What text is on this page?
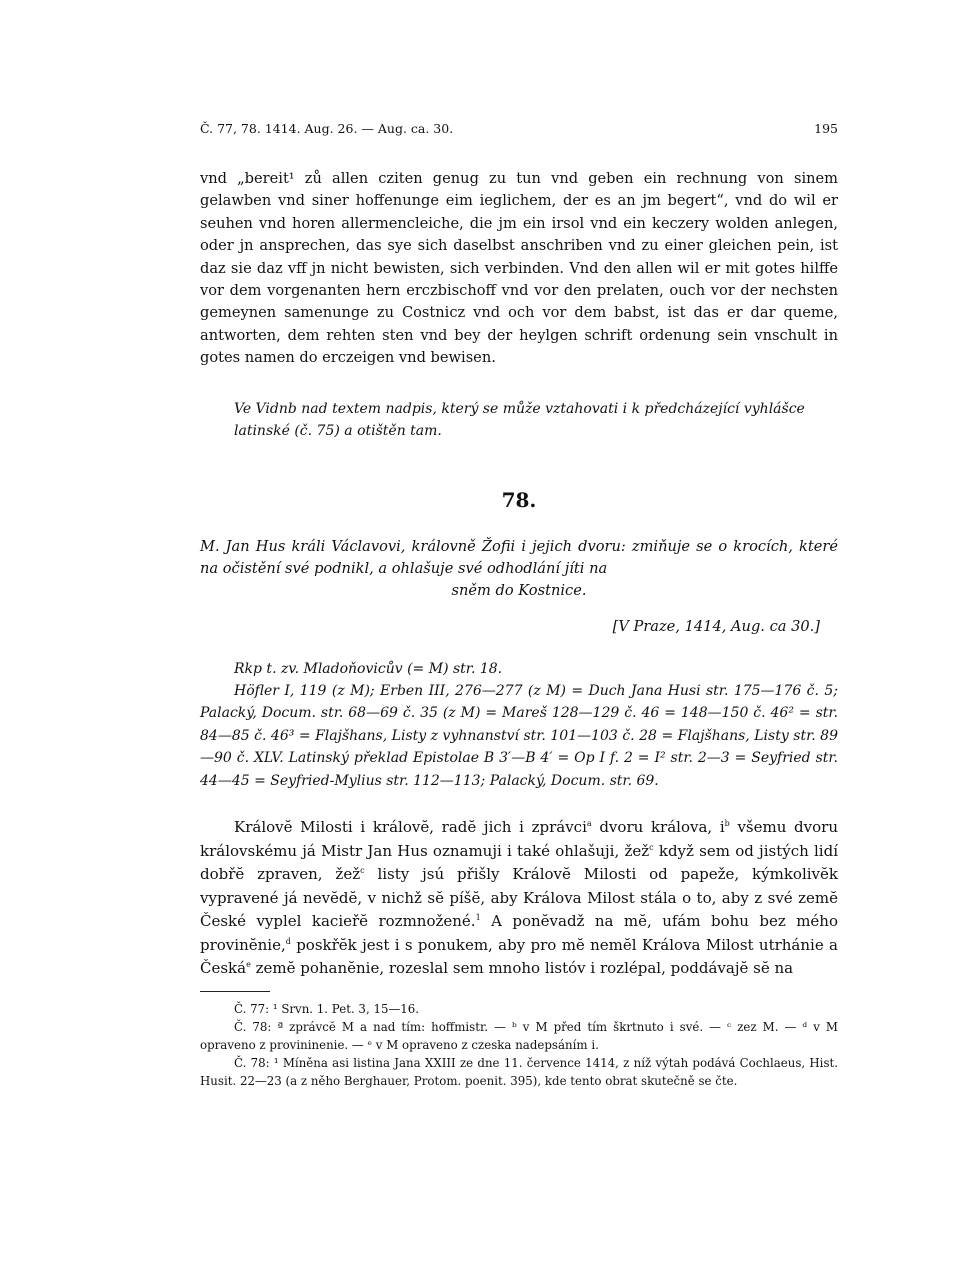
Č. 77, 78. 1414. Aug. 26. — Aug. ca. 30.	195

vnd „bereit¹ zů allen cziten genug zu tun vnd geben ein rechnung von sinem gelawben vnd siner hoffenunge eim ieglichem, der es an jm begert“, vnd do wil er seuhen vnd horen allermencleiche, die jm ein irsol vnd ein keczery wolden anlegen, oder jn ansprechen, das sye sich daselbst anschriben vnd zu einer gleichen pein, ist daz sie daz vff jn nicht bewisten, sich verbinden. Vnd den allen wil er mit gotes hilffe vor dem vorgenanten hern erczbischoff vnd vor den prelaten, ouch vor der nechsten gemeynen samenunge zu Costnicz vnd och vor dem babst, ist das er dar queme, antworten, dem rehten sten vnd bey der heylgen schrift ordenung sein vnschult in gotes namen do erczeigen vnd bewisen.

Ve Vidnb nad textem nadpis, který se může vztahovati i k předcházející vyhlášce latinské (č. 75) a otištěn tam.

78.

M. Jan Hus králi Václavovi, královně Žofii i jejich dvoru: zmiňuje se o krocích, které na očistění své podnikl, a ohlašuje své odhodlání jíti na

sněm do Kostnice.

[V Praze, 1414, Aug. ca 30.]

Rkp t. zv. Mladoňovicův (= M) str. 18.

Höfler I, 119 (z M); Erben III, 276—277 (z M) = Duch Jana Husi str. 175—176 č. 5; Palacký, Docum. str. 68—69 č. 35 (z M) = Mareš 128—129 č. 46 = 148—150 č. 46² = str. 84—85 č. 46³ = Flajšhans, Listy z vyhnanství str. 101—103 č. 28 = Flajšhans, Listy str. 89—90 č. XLV. Latinský překlad Epistolae B 3′—B 4′ = Op I f. 2 = I² str. 2—3 = Seyfried str. 44—45 = Seyfried-Mylius str. 112—113; Palacký, Docum. str. 69.

Královĕ Milosti i královĕ, radĕ jich i zprávci$^a$ dvoru králova, $i^b$ všemu dvoru královskému já Mistr Jan Hus oznamuji i také ohlašuji, žež$^c$ když sem od jistých lidí dobřĕ zpraven, žež$^c$ listy jsú přišly Královĕ Milosti od papeže, kýmkolivĕk vypravené já nevĕdĕ, v nichž sĕ píšĕ, aby Králova Milost stála o to, aby z své zemĕ České vyplel kacieřĕ rozmnožené.$^1$ A ponĕvadž na mĕ, ufám bohu bez mého provinĕnie,$^d$ poskřĕk jest i s ponukem, aby pro mĕ nemĕl Králova Milost utrhánie a Česká$^e$ zemĕ pohanĕnie, rozeslal sem mnoho listóv i rozlépal, poddávajĕ sĕ na

Č. 77: ¹ Srvn. 1. Pet. 3, 15—16.

Č. 78: ª zprávcĕ M a nad tím: hoffmistr. — ᵇ v M před tím škrtnuto i své. — ᶜ zez M. — ᵈ v M opraveno z provininenie. — ᵉ v M opraveno z czeska nadepsáním i.

Č. 78: ¹ Míněna asi listina Jana XXIII ze dne 11. července 1414, z níž výtah podává Cochlaeus, Hist. Husit. 22—23 (a z něho Berghauer, Protom. poenit. 395), kde tento obrat skutečně se čte.
